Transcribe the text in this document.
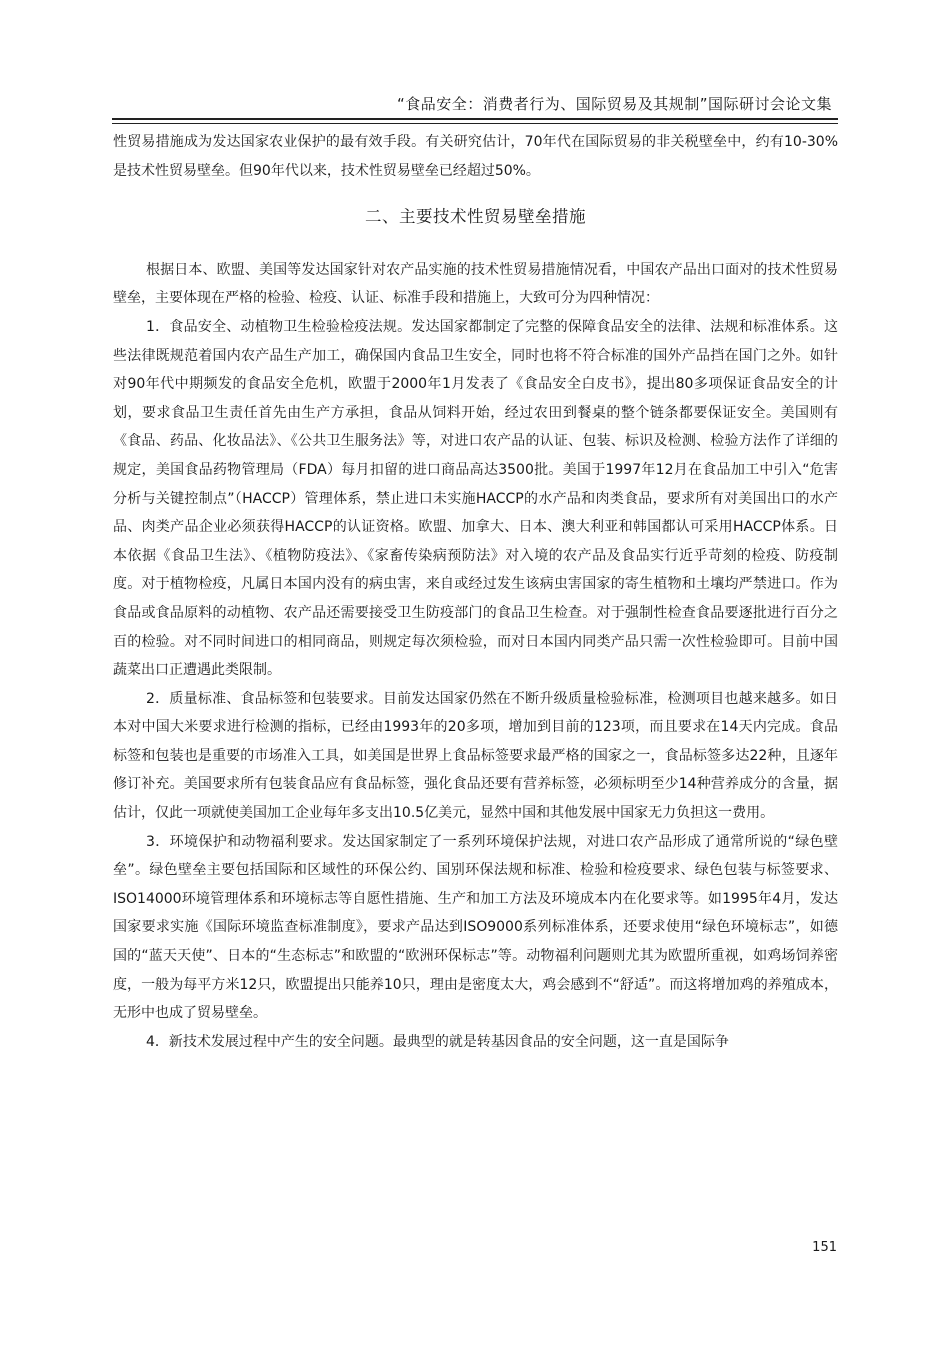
“食品安全：消费者行为、国际贸易及其规制”国际研讨会论文集

性贸易措施成为发达国家农业保护的最有效手段。有关研究估计，70年代在国际贸易的非关税壁垒中，约有10-30%是技术性贸易壁垒。但90年代以来，技术性贸易壁垒已经超过50%。

二、主要技术性贸易壁垒措施

根据日本、欧盟、美国等发达国家针对农产品实施的技术性贸易措施情况看，中国农产品出口面对的技术性贸易壁垒，主要体现在严格的检验、检疫、认证、标准手段和措施上，大致可分为四种情况：

1．食品安全、动植物卫生检验检疫法规。发达国家都制定了完整的保障食品安全的法律、法规和标准体系。这些法律既规范着国内农产品生产加工，确保国内食品卫生安全，同时也将不符合标准的国外产品挡在国门之外。如针对90年代中期频发的食品安全危机，欧盟于2000年1月发表了《食品安全白皮书》，提出80多项保证食品安全的计划，要求食品卫生责任首先由生产方承担，食品从饲料开始，经过农田到餐桌的整个链条都要保证安全。美国则有《食品、药品、化妆品法》、《公共卫生服务法》等，对进口农产品的认证、包装、标识及检测、检验方法作了详细的规定，美国食品药物管理局（FDA）每月扣留的进口商品高达3500批。美国于1997年12月在食品加工中引入“危害分析与关键控制点”（HACCP）管理体系，禁止进口未实施HACCP的水产品和肉类食品，要求所有对美国出口的水产品、肉类产品企业必须获得HACCP的认证资格。欧盟、加拿大、日本、澳大利亚和韩国都认可采用HACCP体系。日本依据《食品卫生法》、《植物防疫法》、《家畜传染病预防法》对入境的农产品及食品实行近乎苛刻的检疫、防疫制度。对于植物检疫，凡属日本国内没有的病虫害，来自或经过发生该病虫害国家的寄生植物和土壤均严禁进口。作为食品或食品原料的动植物、农产品还需要接受卫生防疫部门的食品卫生检查。对于强制性检查食品要逐批进行百分之百的检验。对不同时间进口的相同商品，则规定每次须检验，而对日本国内同类产品只需一次性检验即可。目前中国蔬菜出口正遭遇此类限制。

2．质量标准、食品标签和包装要求。目前发达国家仍然在不断升级质量检验标准，检测项目也越来越多。如日本对中国大米要求进行检测的指标，已经由1993年的20多项，增加到目前的123项，而且要求在14天内完成。食品标签和包装也是重要的市场准入工具，如美国是世界上食品标签要求最严格的国家之一，食品标签多达22种，且逐年修订补充。美国要求所有包装食品应有食品标签，强化食品还要有营养标签，必须标明至少14种营养成分的含量，据估计，仅此一项就使美国加工企业每年多支出10.5亿美元，显然中国和其他发展中国家无力负担这一费用。

3．环境保护和动物福利要求。发达国家制定了一系列环境保护法规，对进口农产品形成了通常所说的“绿色壁垒”。绿色壁垒主要包括国际和区域性的环保公约、国别环保法规和标准、检验和检疫要求、绿色包装与标签要求、ISO14000环境管理体系和环境标志等自愿性措施、生产和加工方法及环境成本内在化要求等。如1995年4月，发达国家要求实施《国际环境监查标准制度》，要求产品达到ISO9000系列标准体系，还要求使用“绿色环境标志”，如德国的“蓝天天使”、日本的“生态标志”和欧盟的“欧洲环保标志”等。动物福利问题则尤其为欧盟所重视，如鸡场饲养密度，一般为每平方米12只，欧盟提出只能养10只，理由是密度太大，鸡会感到不“舒适”。而这将增加鸡的养殖成本，无形中也成了贸易壁垒。

4．新技术发展过程中产生的安全问题。最典型的就是转基因食品的安全问题，这一直是国际争

151
